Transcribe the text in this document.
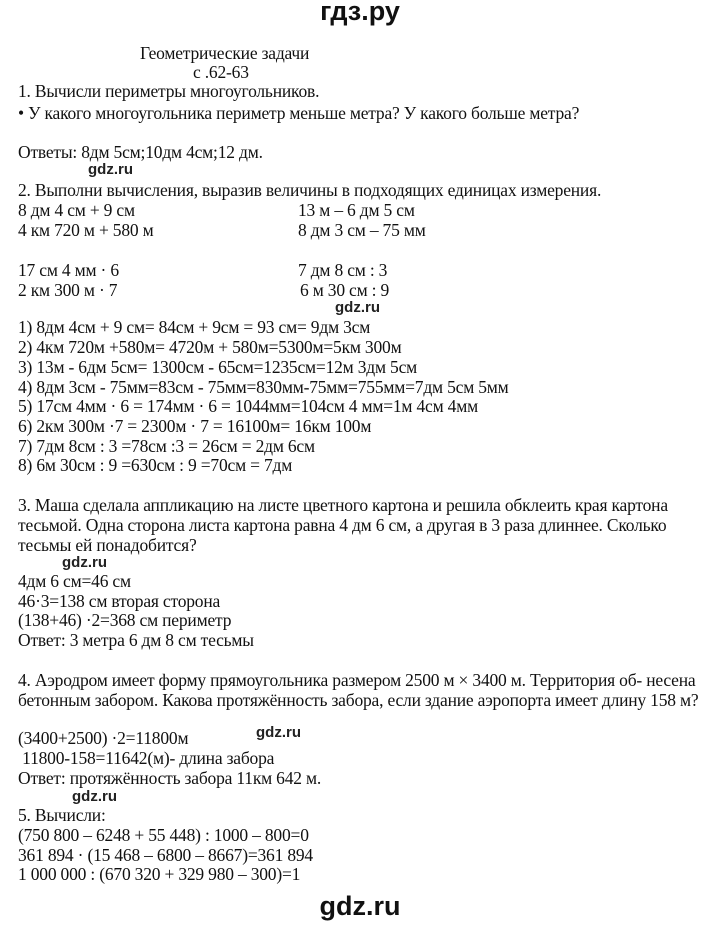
гдз.ру
Геометрические задачи
с .62-63
1. Вычисли периметры многоугольников.
• У какого многоугольника периметр меньше метра? У какого больше метра?
Ответы: 8дм 5см;10дм 4см;12 дм.
gdz.ru
2. Выполни вычисления, выразив величины в подходящих единицах измерения.
8 дм 4 см + 9 см
4 км 720 м + 580 м
17 см 4 мм · 6
2 км 300 м · 7
13 м – 6 дм 5 см
8 дм 3 см – 75 мм
7 дм 8 см : 3
6 м 30 см : 9
gdz.ru
1) 8дм 4см + 9 см= 84см + 9см = 93 см= 9дм 3см
2) 4км 720м +580м= 4720м + 580м=5300м=5км 300м
3) 13м - 6дм 5см= 1300см - 65см=1235см=12м 3дм 5см
4) 8дм 3см - 75мм=83см - 75мм=830мм-75мм=755мм=7дм 5см 5мм
5) 17см 4мм · 6 = 174мм · 6 = 1044мм=104см 4 мм=1м 4см 4мм
6) 2км 300м ·7 = 2300м · 7 = 16100м= 16км 100м
7) 7дм 8см : 3 =78см :3 = 26см = 2дм 6см
8) 6м 30см : 9 =630см : 9 =70см = 7дм
3. Маша сделала аппликацию на листе цветного картона и решила обклеить края картона
тесьмой. Одна сторона листа картона равна 4 дм 6 см, а другая в 3 раза длиннее. Сколько
тесьмы ей понадобится?
gdz.ru
4дм 6 см=46 см
46·3=138 см вторая сторона
(138+46) ·2=368 см периметр
Ответ: 3 метра 6 дм 8 см тесьмы
4. Аэродром имеет форму прямоугольника размером 2500 м × 3400 м. Территория об- несена
бетонным забором. Какова протяжённость забора, если здание аэропорта имеет длину 158 м?
(3400+2500) ·2=11800м	gdz.ru
11800-158=11642(м)- длина забора
Ответ: протяжённость забора 11км 642 м.
gdz.ru
5. Вычисли:
(750 800 – 6248 + 55 448) : 1000 – 800=0
361 894 · (15 468 – 6800 – 8667)=361 894
1 000 000 : (670 320 + 329 980 – 300)=1
gdz.ru
